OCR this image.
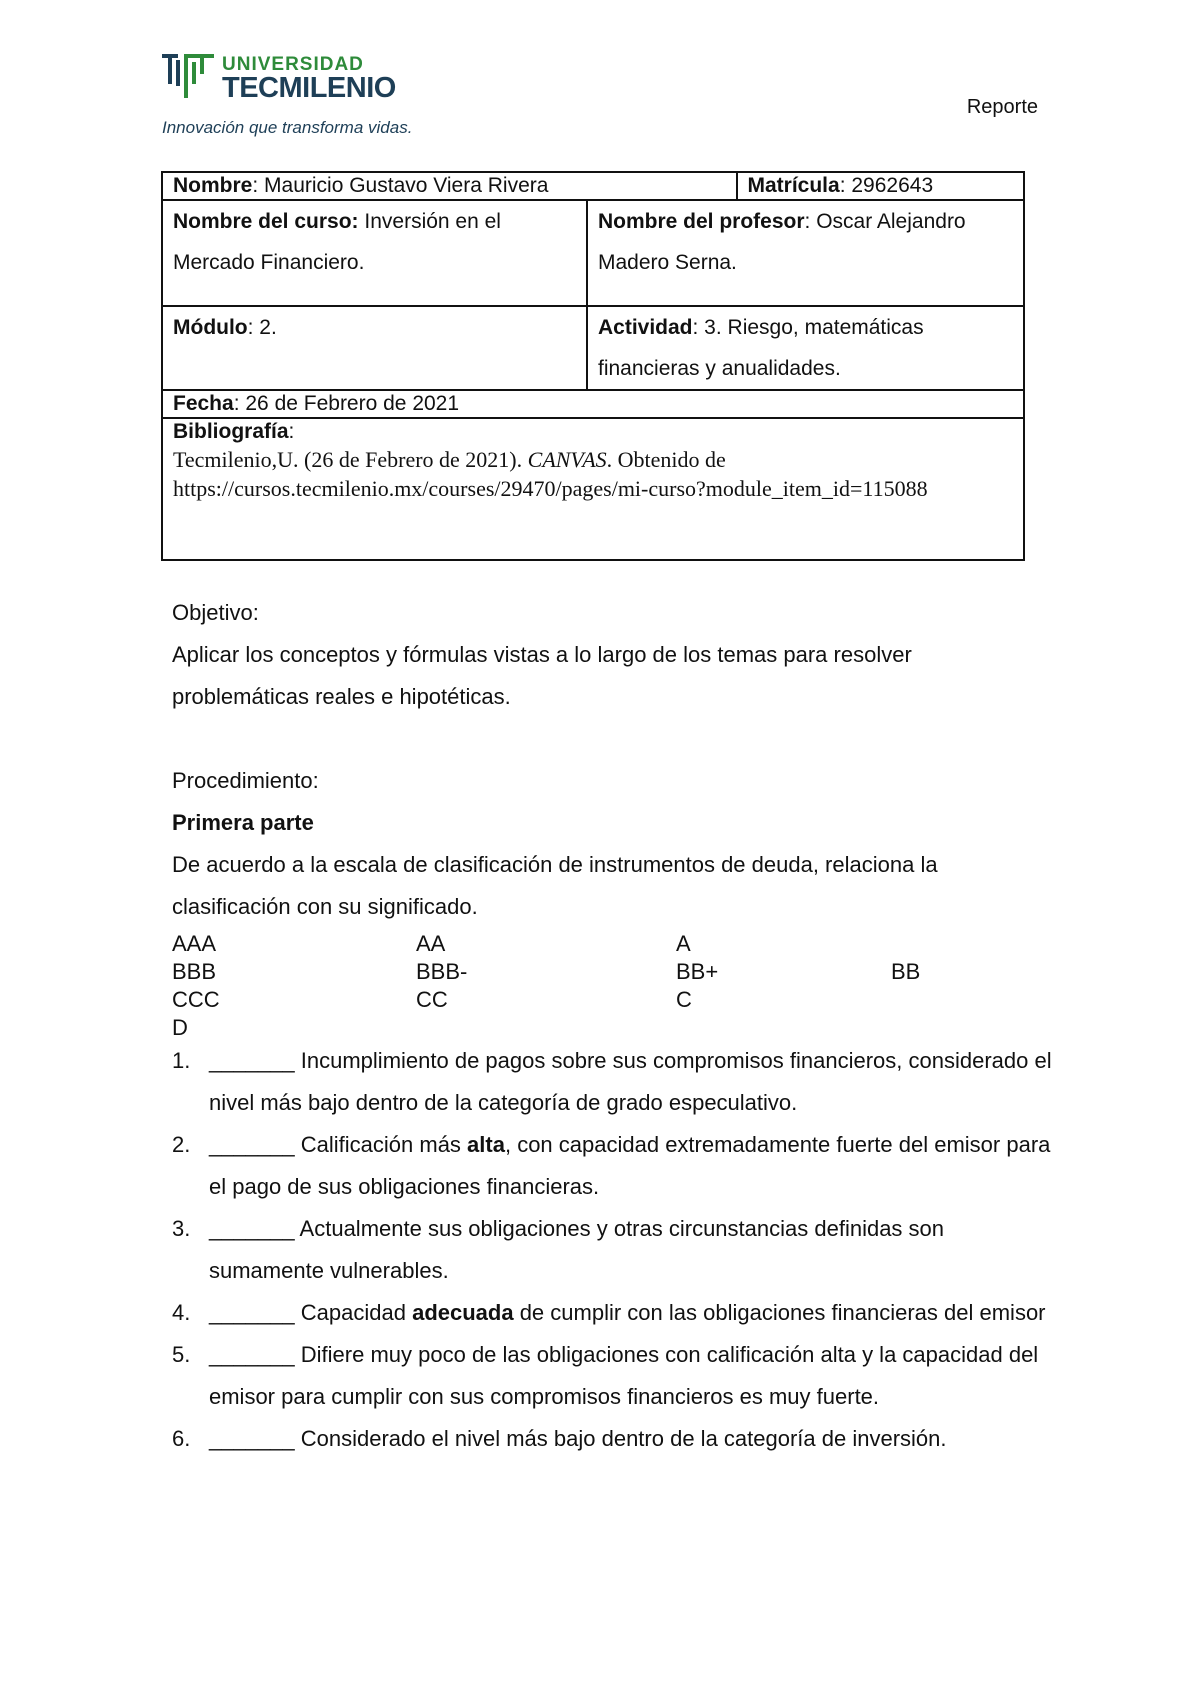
UNIVERSIDAD
TECMILENIO
Innovación que transforma vidas.
Reporte
Nombre: Mauricio Gustavo Viera Rivera		Matrícula: 2962643
Nombre del curso: Inversión en el Mercado Financiero.	Nombre del profesor: Oscar Alejandro Madero Serna.	
Módulo: 2.	Actividad: 3. Riesgo, matemáticas financieras y anualidades.	
Fecha: 26 de Febrero de 2021		
Bibliografía:

Tecmilenio,U. (26 de Febrero de 2021). CANVAS. Obtenido de
https://cursos.tecmilenio.mx/courses/29470/pages/mi-curso?module_item_id=115088		
Objetivo:
Aplicar los conceptos y fórmulas vistas a lo largo de los temas para resolver problemáticas reales e hipotéticas.
Procedimiento:
Primera parte
De acuerdo a la escala de clasificación de instrumentos de deuda, relaciona la clasificación con su significado.
AAA	AA	A
BBB	BBB-	BB+	BB
CCC	CC	C
D
1. _______ Incumplimiento de pagos sobre sus compromisos financieros, considerado el nivel más bajo dentro de la categoría de grado especulativo.
2. _______ Calificación más alta, con capacidad extremadamente fuerte del emisor para el pago de sus obligaciones financieras.
3. _______ Actualmente sus obligaciones y otras circunstancias definidas son sumamente vulnerables.
4. _______ Capacidad adecuada de cumplir con las obligaciones financieras del emisor
5. _______ Difiere muy poco de las obligaciones con calificación alta y la capacidad del emisor para cumplir con sus compromisos financieros es muy fuerte.
6. _______ Considerado el nivel más bajo dentro de la categoría de inversión.
